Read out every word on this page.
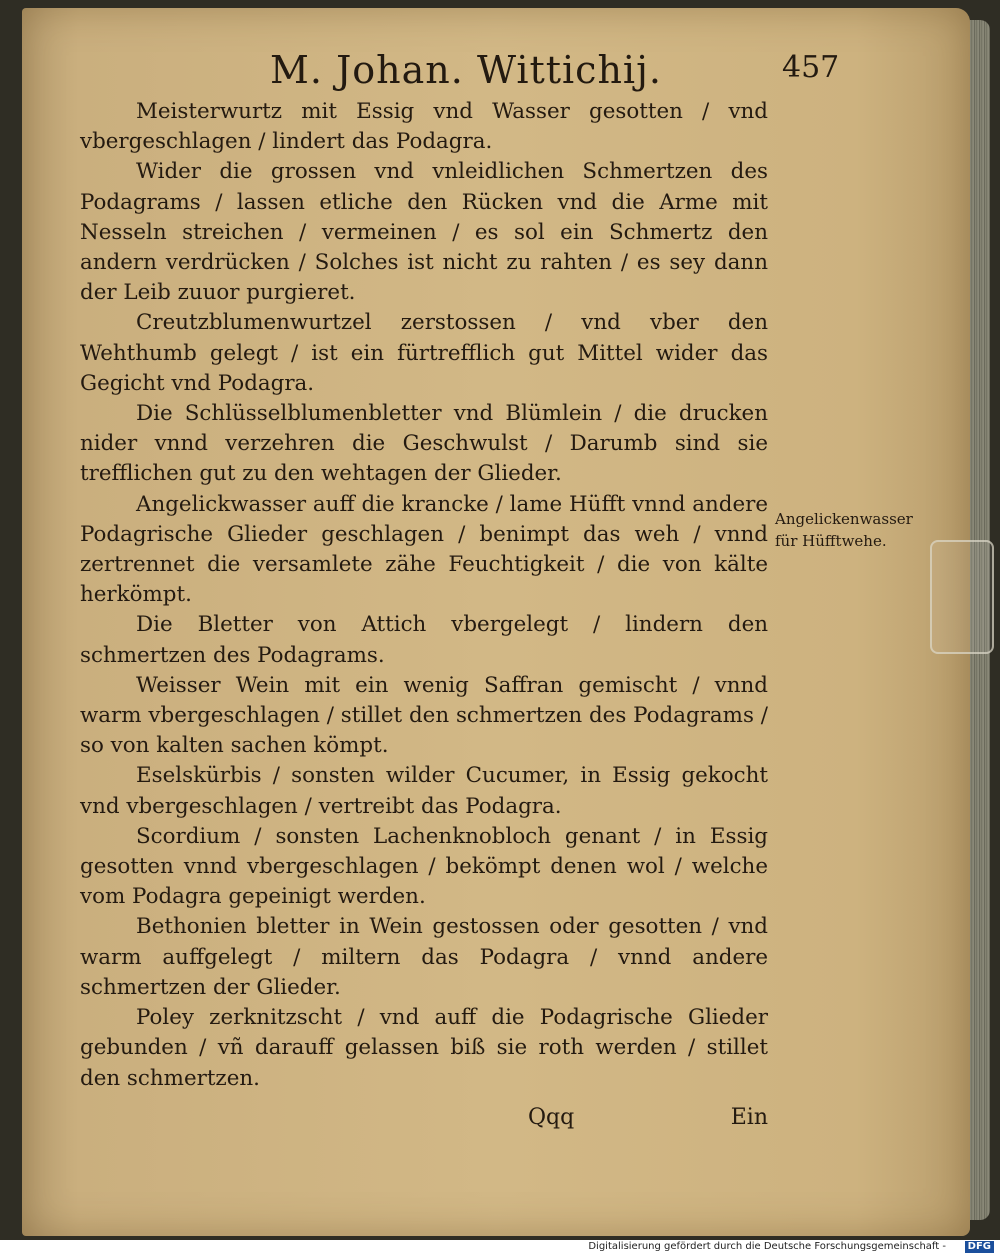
M. Johan. Wittichij.	457

Meisterwurtz mit Essig vnd Wasser gesotten / vnd vbergeschlagen / lindert das Podagra.

Wider die grossen vnd vnleidlichen Schmertzen des Podagrams / lassen etliche den Rücken vnd die Arme mit Nesseln streichen / vermeinen / es sol ein Schmertz den andern verdrücken / Solches ist nicht zu rahten / es sey dann der Leib zuuor purgieret.

Creutzblumenwurtzel zerstossen / vnd vber den Wehthumb gelegt / ist ein fürtrefflich gut Mittel wider das Gegicht vnd Podagra.

Die Schlüsselblumenbletter vnd Blümlein / die drucken nider vnnd verzehren die Geschwulst / Darumb sind sie trefflichen gut zu den wehtagen der Glieder.

Angelickwasser auff die krancke / lame Hüfft vnnd andere Podagrische Glieder geschlagen / benimpt das weh / vnnd zertrennet die versamlete zähe Feuchtigkeit / die von kälte herkömpt.

Die Bletter von Attich vbergelegt / lindern den schmertzen des Podagrams.

Weisser Wein mit ein wenig Saffran gemischt / vnnd warm vbergeschlagen / stillet den schmertzen des Podagrams / so von kalten sachen kömpt.

Eselskürbis / sonsten wilder Cucumer, in Essig gekocht vnd vbergeschlagen / vertreibt das Podagra.

Scordium / sonsten Lachenknobloch genant / in Essig gesotten vnnd vbergeschlagen / bekömpt denen wol / welche vom Podagra gepeinigt werden.

Bethonien bletter in Wein gestossen oder gesotten / vnd warm auffgelegt / miltern das Podagra / vnnd andere schmertzen der Glieder.

Poley zerknitzscht / vnd auff die Podagrische Glieder gebunden / vñ darauff gelassen biß sie roth werden / stillet den schmertzen.

Angelickenwasser für Hüfftwehe.
Qqq	Ein
Digitalisierung gefördert durch die Deutsche Forschungsgemeinschaft -	DFG
